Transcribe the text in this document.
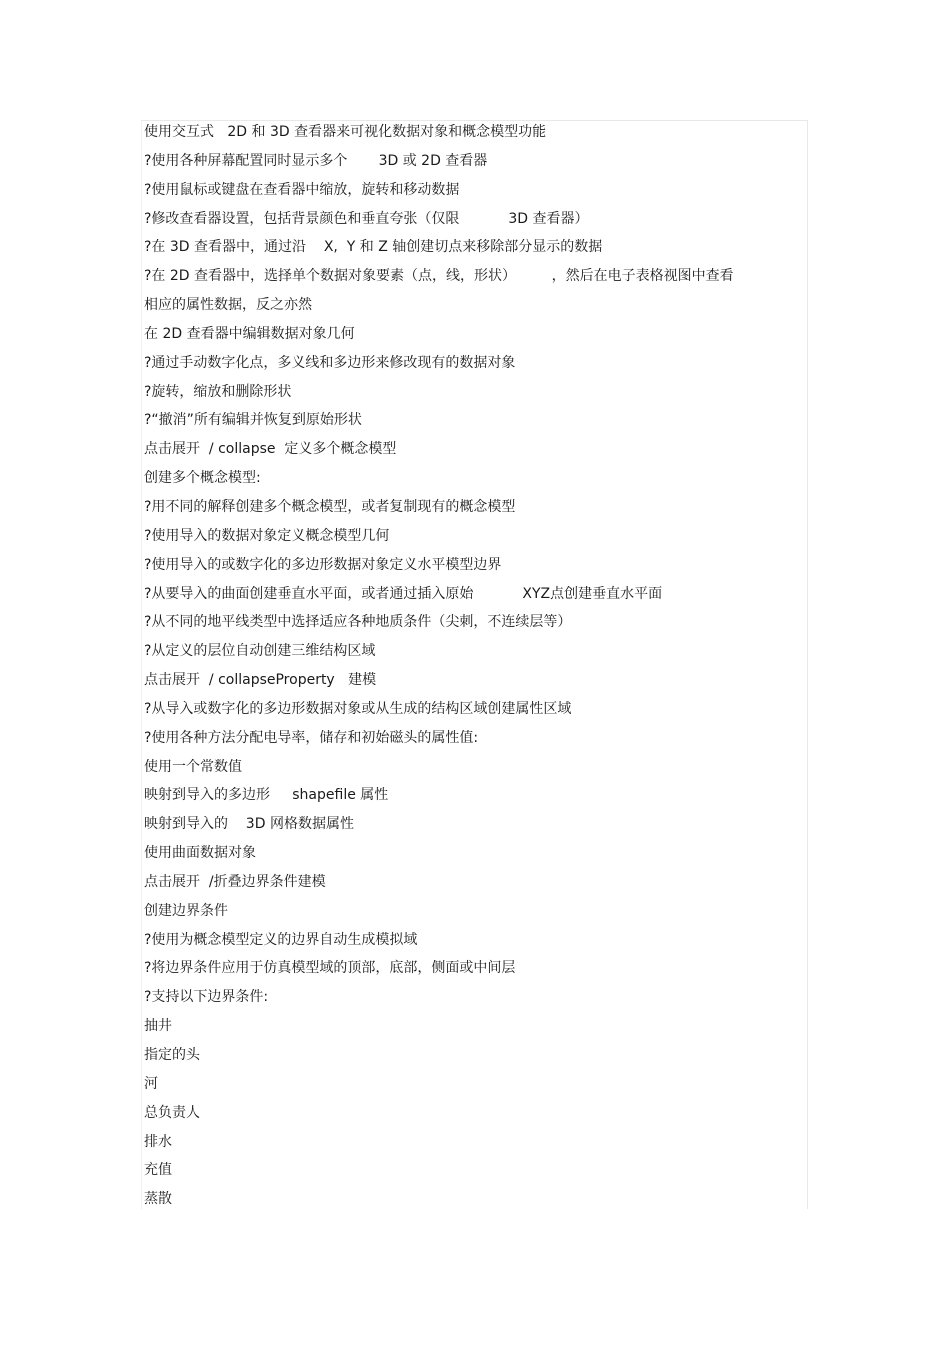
使用交互式   2D 和 3D 查看器来可视化数据对象和概念模型功能
?使用各种屏幕配置同时显示多个       3D 或 2D 查看器
?使用鼠标或键盘在查看器中缩放，旋转和移动数据
?修改查看器设置，包括背景颜色和垂直夸张（仅限           3D 查看器）
?在 3D 查看器中，通过沿    X,  Y 和 Z 轴创建切点来移除部分显示的数据
?在 2D 查看器中，选择单个数据对象要素（点，线，形状）        ，然后在电子表格视图中查看
相应的属性数据，反之亦然
在 2D 查看器中编辑数据对象几何
?通过手动数字化点，多义线和多边形来修改现有的数据对象
?旋转，缩放和删除形状
?“撤消”所有编辑并恢复到原始形状
点击展开  / collapse  定义多个概念模型
创建多个概念模型:
?用不同的解释创建多个概念模型，或者复制现有的概念模型
?使用导入的数据对象定义概念模型几何
?使用导入的或数字化的多边形数据对象定义水平模型边界
?从要导入的曲面创建垂直水平面，或者通过插入原始           XYZ点创建垂直水平面
?从不同的地平线类型中选择适应各种地质条件（尖刺，不连续层等）
?从定义的层位自动创建三维结构区域
点击展开  / collapseProperty   建模
?从导入或数字化的多边形数据对象或从生成的结构区域创建属性区域
?使用各种方法分配电导率，储存和初始磁头的属性值:
使用一个常数值
映射到导入的多边形     shapefile 属性
映射到导入的    3D 网格数据属性
使用曲面数据对象
点击展开  /折叠边界条件建模
创建边界条件
?使用为概念模型定义的边界自动生成模拟域
?将边界条件应用于仿真模型域的顶部，底部，侧面或中间层
?支持以下边界条件:
抽井
指定的头
河
总负责人
排水
充值
蒸散
